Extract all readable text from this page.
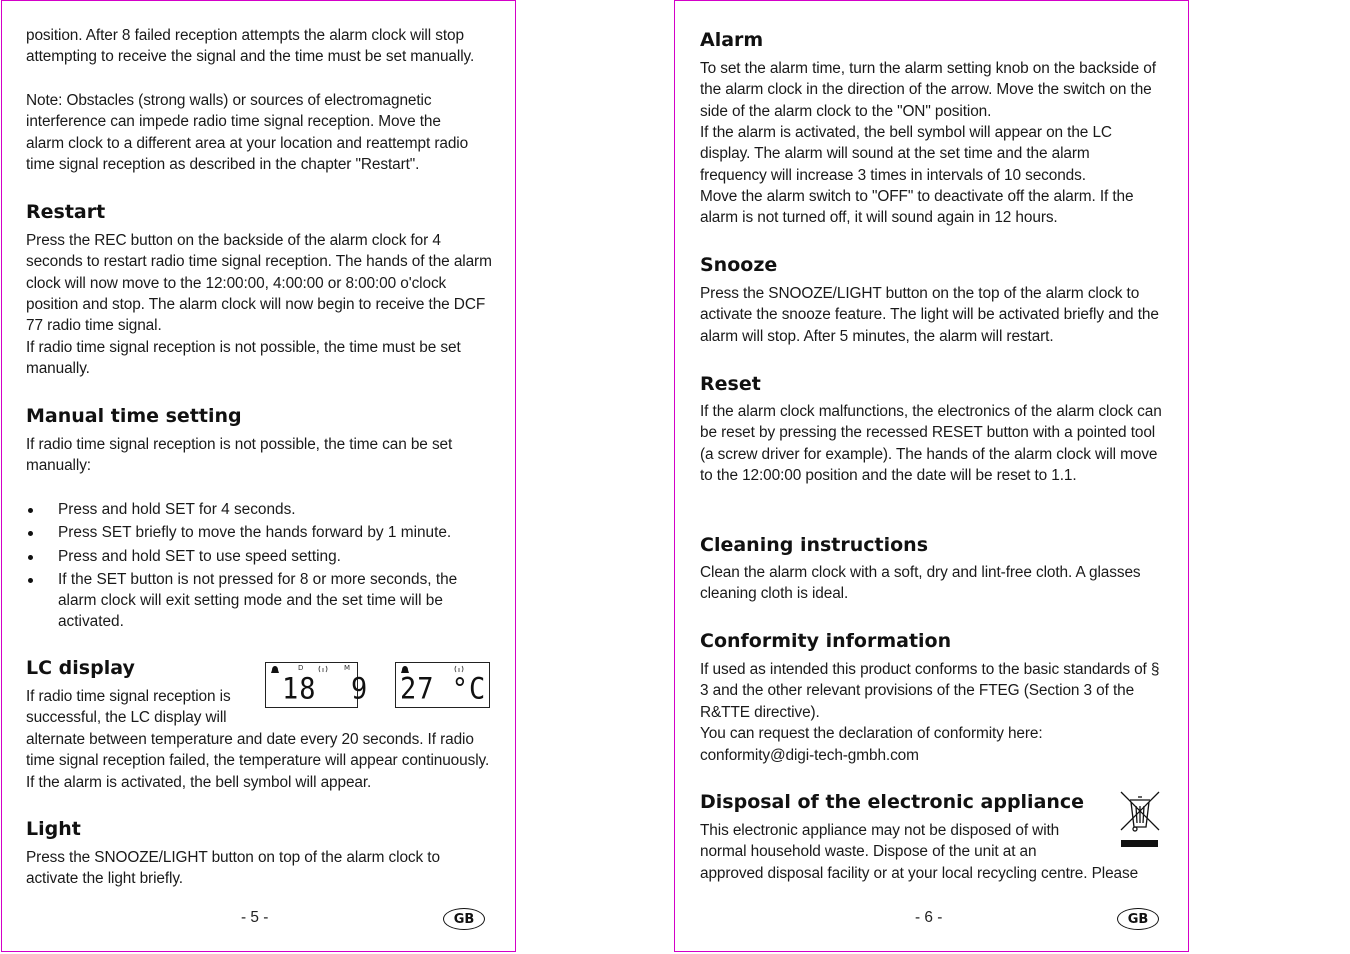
position. After 8 failed reception attempts the alarm clock will stop attempting to receive the signal and the time must be set manually.

Note: Obstacles (strong walls) or sources of electromagnetic interference can impede radio time signal reception. Move the alarm clock to a different area at your location and reattempt radio time signal reception as described in the chapter "Restart".

Restart

Press the REC button on the backside of the alarm clock for 4 seconds to restart radio time signal reception. The hands of the alarm clock will now move to the 12:00:00, 4:00:00 or 8:00:00 o'clock position and stop. The alarm clock will now begin to receive the DCF 77 radio time signal.

If radio time signal reception is not possible, the time must be set manually.

Manual time setting

If radio time signal reception is not possible, the time can be set manually:

Press and hold SET for 4 seconds.
Press SET briefly to move the hands forward by 1 minute.
Press and hold SET to use speed setting.
If the SET button is not pressed for 8 or more seconds, the alarm clock will exit setting mode and the set time will be activated.
LC display

If radio time signal reception is successful, the LC display will

alternate between temperature and date every 20 seconds. If radio time signal reception failed, the temperature will appear continuously. If the alarm is activated, the bell symbol will appear.

D	M
18  9 27 °C
Light

Press the SNOOZE/LIGHT button on top of the alarm clock to activate the light briefly.

- 5 -	GB
Alarm

To set the alarm time, turn the alarm setting knob on the backside of the alarm clock in the direction of the arrow. Move the switch on the side of the alarm clock to the "ON" position.

If the alarm is activated, the bell symbol will appear on the LC display. The alarm will sound at the set time and the alarm frequency will increase 3 times in intervals of 10 seconds.

Move the alarm switch to "OFF" to deactivate off the alarm. If the alarm is not turned off, it will sound again in 12 hours.

Snooze

Press the SNOOZE/LIGHT button on the top of the alarm clock to activate the snooze feature. The light will be activated briefly and the alarm will stop. After 5 minutes, the alarm will restart.

Reset

If the alarm clock malfunctions, the electronics of the alarm clock can be reset by pressing the recessed RESET button with a pointed tool (a screw driver for example). The hands of the alarm clock will move to the 12:00:00 position and the date will be reset to 1.1.

Cleaning instructions

Clean the alarm clock with a soft, dry and lint-free cloth. A glasses cleaning cloth is ideal.

Conformity information

If used as intended this product conforms to the basic standards of § 3 and the other relevant provisions of the FTEG (Section 3 of the R&TTE directive).

You can request the declaration of conformity here:

conformity@digi-tech-gmbh.com

Disposal of the electronic appliance

This electronic appliance may not be disposed of with normal household waste. Dispose of the unit at an

approved disposal facility or at your local recycling centre. Please

- 6 -	GB
